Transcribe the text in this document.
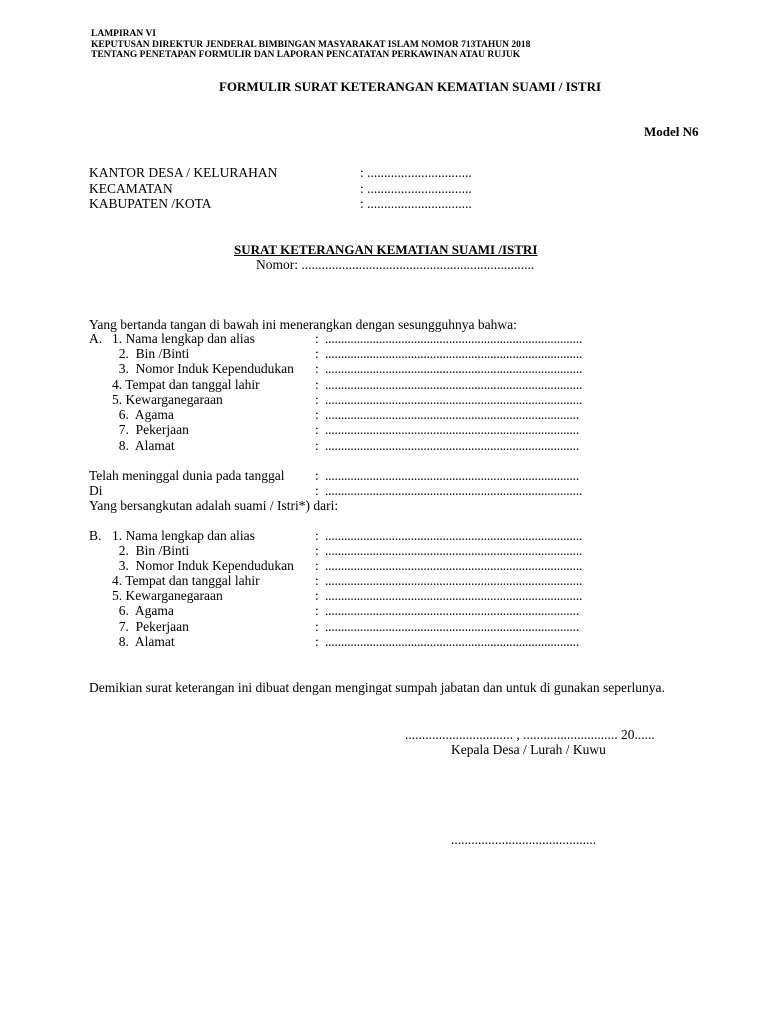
LAMPIRAN VI
KEPUTUSAN DIREKTUR JENDERAL BIMBINGAN MASYARAKAT ISLAM NOMOR 713TAHUN 2018
TENTANG PENETAPAN FORMULIR DAN LAPORAN PENCATATAN PERKAWINAN ATAU RUJUK
FORMULIR SURAT KETERANGAN KEMATIAN SUAMI / ISTRI
Model N6
KANTOR DESA / KELURAHAN	: ...............................
KECAMATAN	: ...............................
KABUPATEN /KOTA	: ...............................
SURAT KETERANGAN KEMATIAN SUAMI /ISTRI
Nomor: .....................................................................
Yang bertanda tangan di bawah ini menerangkan dengan sesungguhnya bahwa:
A. 1. Nama lengkap dan alias	: .................................................................................
2.  Bin /Binti	: .................................................................................
3.  Nomor Induk Kependudukan : .................................................................................
4. Tempat dan tanggal lahir	: .................................................................................
5. Kewarganegaraan	: .................................................................................
6.  Agama	: ................................................................................
7.  Pekerjaan	: ................................................................................
8.  Alamat	: ................................................................................
Telah meninggal dunia pada tanggal : ................................................................................
Di	: .................................................................................
Yang bersangkutan adalah suami / Istri*) dari:
B. 1. Nama lengkap dan alias	: .................................................................................
2.  Bin /Binti	: .................................................................................
3.  Nomor Induk Kependudukan : .................................................................................
4. Tempat dan tanggal lahir	: .................................................................................
5. Kewarganegaraan	: .................................................................................
6.  Agama	: ................................................................................
7.  Pekerjaan	: ................................................................................
8.  Alamat	: ................................................................................
Demikian surat keterangan ini dibuat dengan mengingat sumpah jabatan dan untuk di gunakan seperlunya.
................................ , ............................ 20......
Kepala Desa / Lurah / Kuwu
...........................................
